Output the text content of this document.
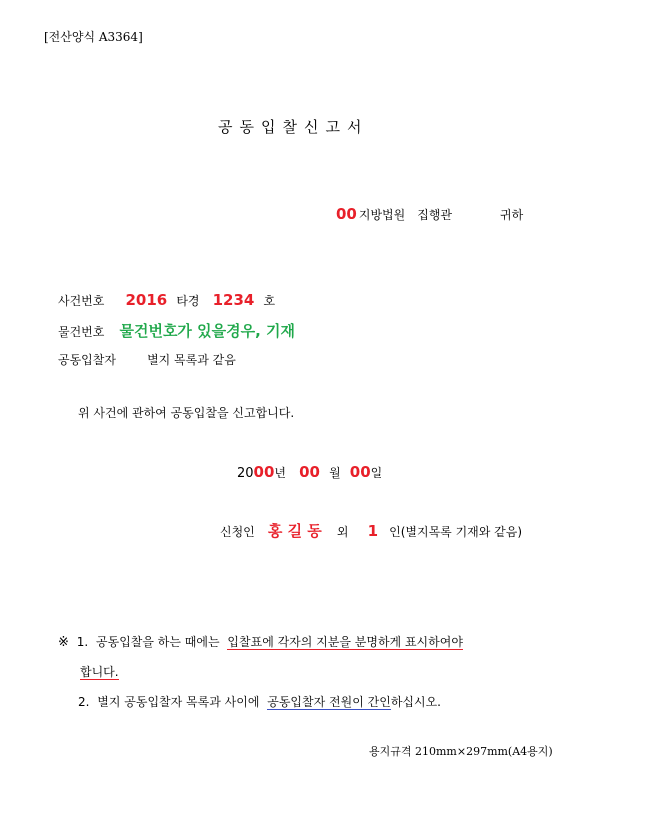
[전산양식 A3364]
공동입찰신고서
00 지방법원 집행관	귀하
사건번호 2016 타경 1234 호
물건번호 물건번호가 있을경우, 기재
공동입찰자	별지 목록과 같음
위 사건에 관하여 공동입찰을 신고합니다.
2000년 00 월 00일
신청인 홍 길 동 외 1 인(별지목록 기재와 같음)
※ 1. 공동입찰을 하는 때에는 입찰표에 각자의 지분을 분명하게 표시하여야
합니다.
2. 별지 공동입찰자 목록과 사이에 공동입찰자 전원이 간인하십시오.
용지규격 210mm×297mm(A4용지)
